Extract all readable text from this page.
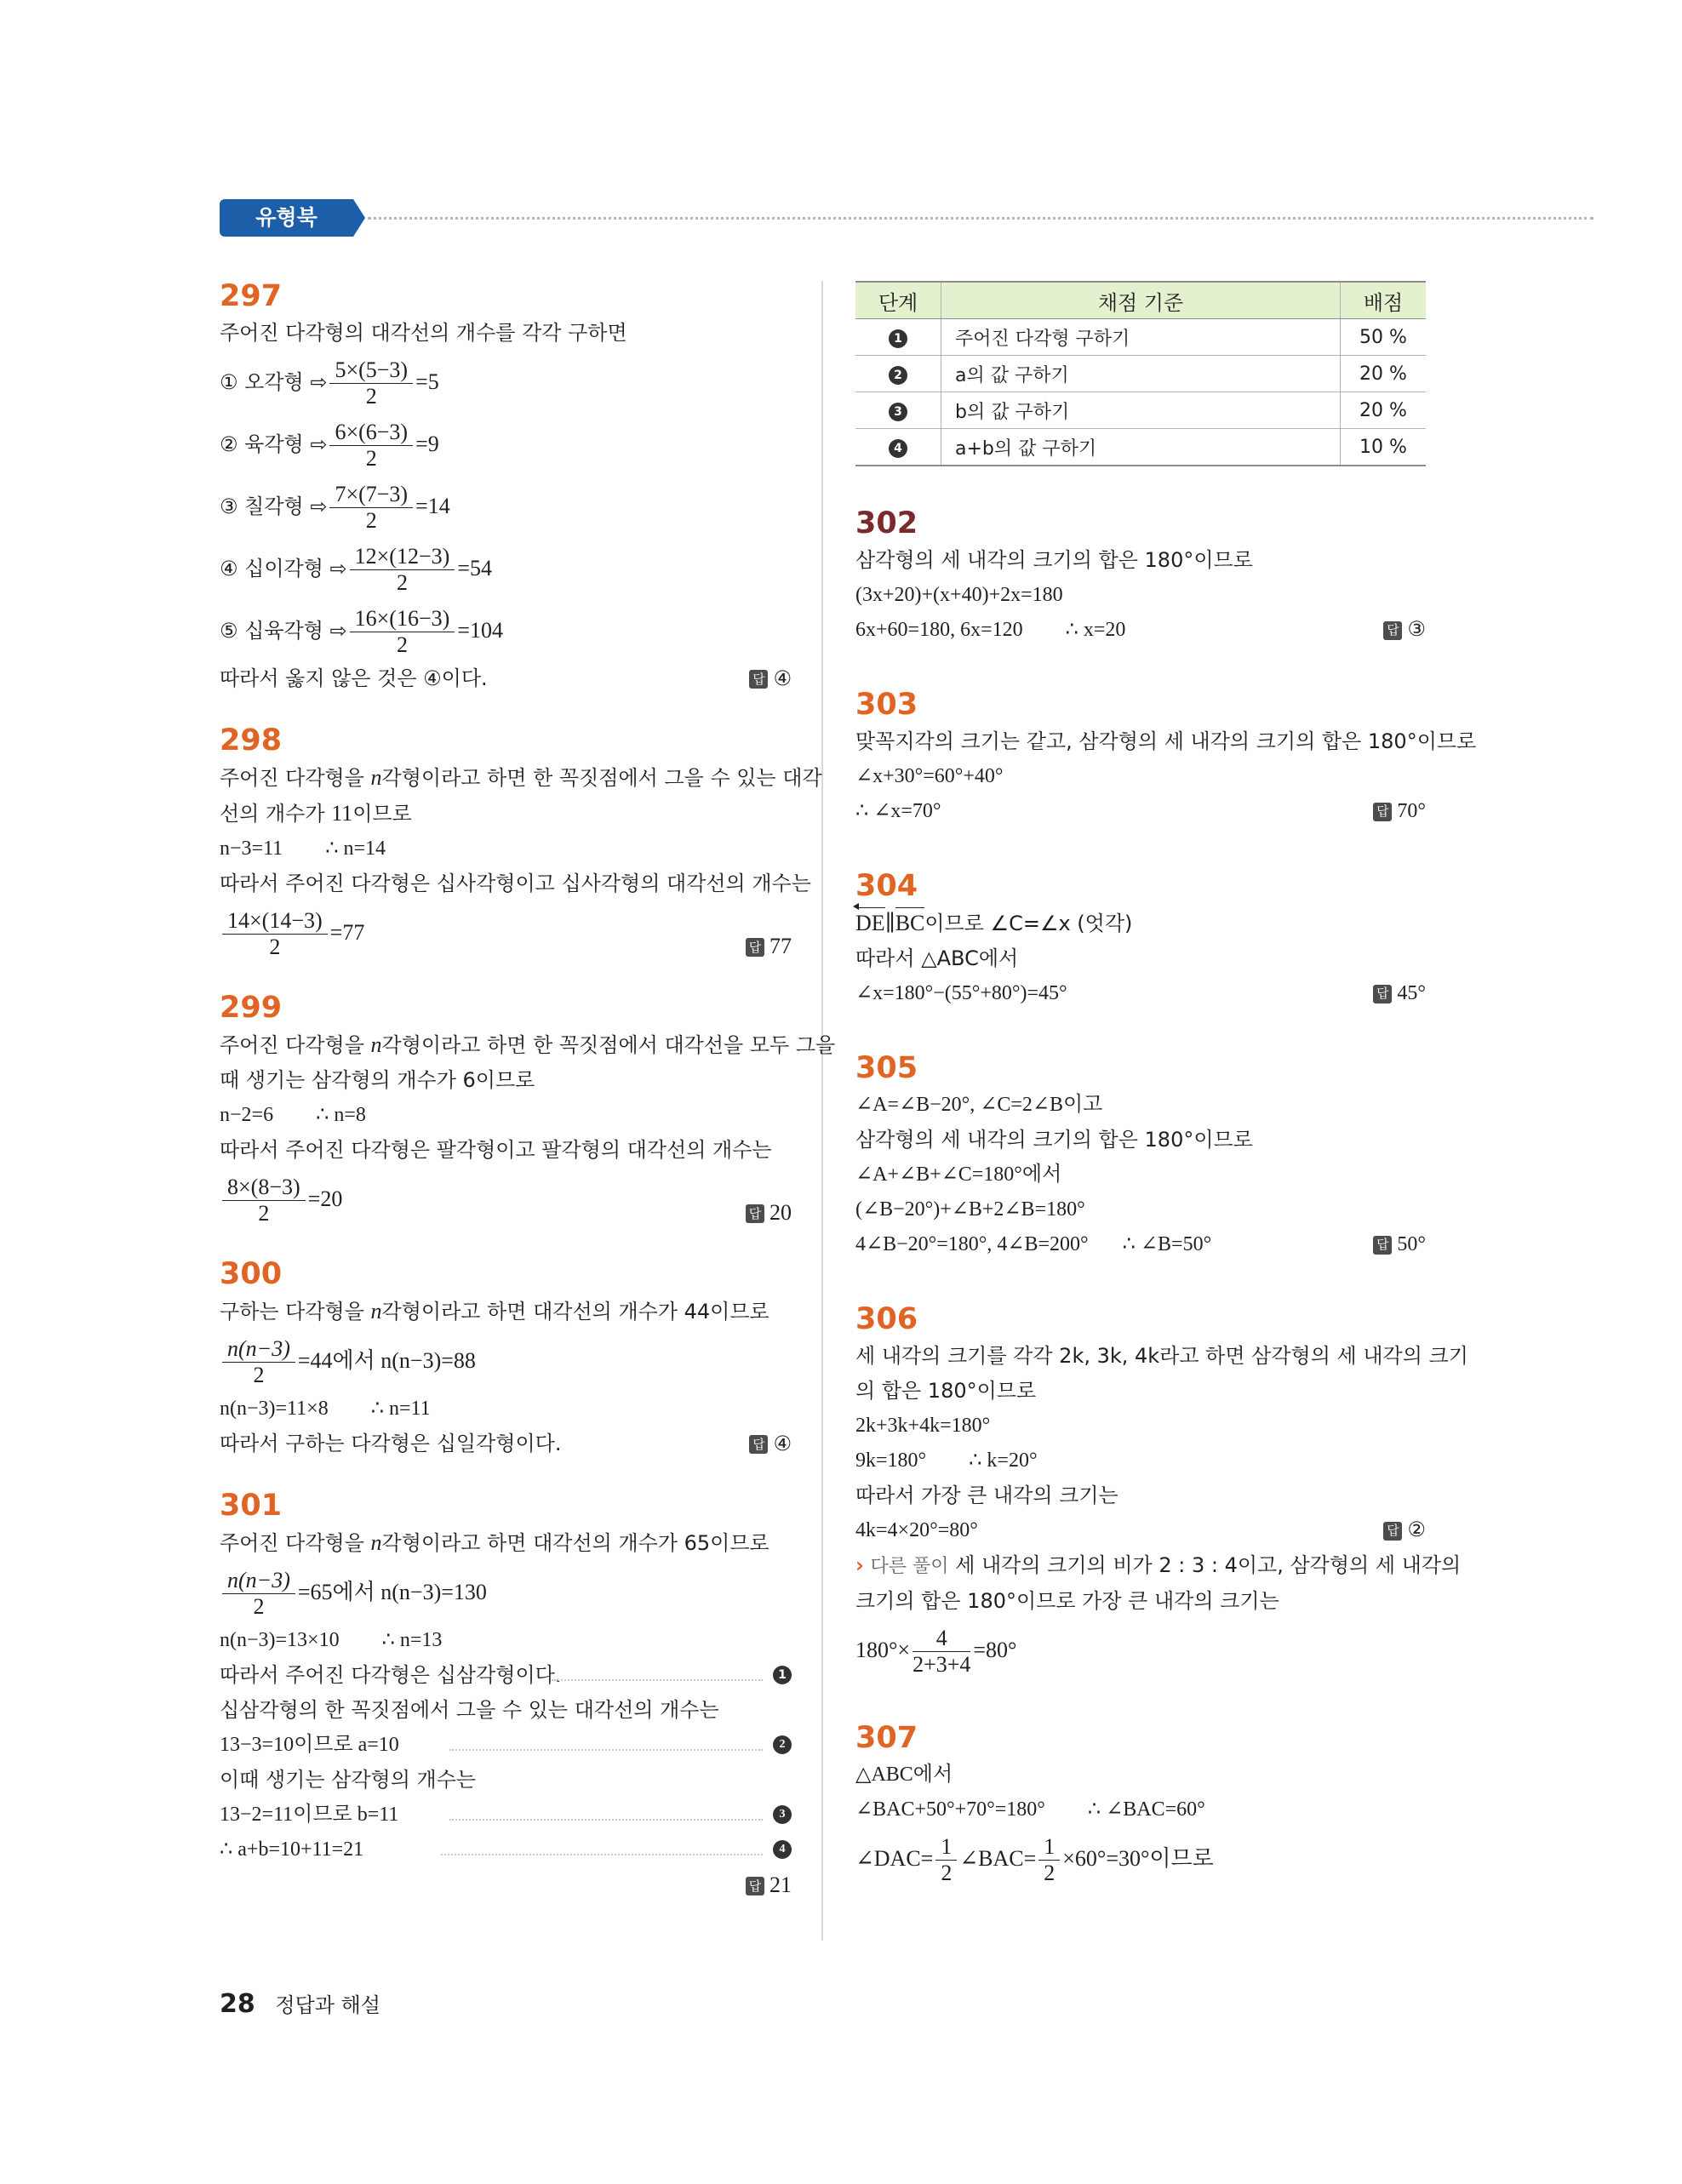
유형북
297
주어진 다각형의 대각선의 개수를 각각 구하면
① 오각형 ⇨ $\frac{5\times(5-3)}{2} =5$
② 육각형 ⇨ $\frac{6\times(6-3)}{2} =9$
③ 칠각형 ⇨ $\frac{7\times(7-3)}{2} =14$
④ 십이각형 ⇨ $\frac{12\times(12-3)}{2} =54$
⑤ 십육각형 ⇨ $\frac{16\times(16-3)}{2} =104$
따라서 옳지 않은 것은 ④이다.	답 ④
298
주어진 다각형을 n각형이라고 하면 한 꼭짓점에서 그을 수 있는 대각
선의 개수가 11이므로
n−3=11 ∴ n=14
따라서 주어진 다각형은 십사각형이고 십사각형의 대각선의 개수는
$\frac{14\times(14-3)}{2} =77$
답 77
299
주어진 다각형을 n각형이라고 하면 한 꼭짓점에서 대각선을 모두 그을
때 생기는 삼각형의 개수가 6이므로
n−2=6 ∴ n=8
따라서 주어진 다각형은 팔각형이고 팔각형의 대각선의 개수는
$\frac{8\times(8-3)}{2} =20$
답 20
300
구하는 다각형을 n각형이라고 하면 대각선의 개수가 44이므로
$\frac{n(n-3)}{2} =44$에서 n(n−3)=88
n(n−3)=11×8 ∴ n=11
따라서 구하는 다각형은 십일각형이다.	답 ④
301
주어진 다각형을 n각형이라고 하면 대각선의 개수가 65이므로
$\frac{n(n-3)}{2} =65$에서 n(n−3)=130
n(n−3)=13×10 ∴ n=13
따라서 주어진 다각형은 십삼각형이다.	1
십삼각형의 한 꼭짓점에서 그을 수 있는 대각선의 개수는
13−3=10이므로 a=10	2
이때 생기는 삼각형의 개수는
13−2=11이므로 b=11	3
∴ a+b=10+11=21	4
답 21
단계	채점 기준	배점
1	주어진 다각형 구하기	50 %
2	a의 값 구하기	20 %
3	b의 값 구하기	20 %
4	a+b의 값 구하기	10 %
302
삼각형의 세 내각의 크기의 합은 180°이므로
(3x+20)+(x+40)+2x=180
6x+60=180, 6x=120 ∴ x=20	답 ③
303
맞꼭지각의 크기는 같고, 삼각형의 세 내각의 크기의 합은 180°이므로
∠x+30°=60°+40°
∴ ∠x=70°	답 70°
304
DE∥BC이므로 ∠C=∠x (엇각)
따라서 △ABC에서
∠x=180°−(55°+80°)=45°	답 45°
305
∠A=∠B−20°, ∠C=2∠B이고
삼각형의 세 내각의 크기의 합은 180°이므로
∠A+∠B+∠C=180°에서
(∠B−20°)+∠B+2∠B=180°
4∠B−20°=180°, 4∠B=200° ∴ ∠B=50°	답 50°
306
세 내각의 크기를 각각 2k, 3k, 4k라고 하면 삼각형의 세 내각의 크기
의 합은 180°이므로
2k+3k+4k=180°
9k=180° ∴ k=20°
따라서 가장 큰 내각의 크기는
4k=4×20°=80°	답 ②
› 다른 풀이 세 내각의 크기의 비가 2 : 3 : 4이고, 삼각형의 세 내각의
크기의 합은 180°이므로 가장 큰 내각의 크기는
$180^\circ\times \frac{4}{2+3+4} =80^\circ$
307
△ABC에서
∠BAC+50°+70°=180° ∴ ∠BAC=60°
∠DAC= $\frac{1}{2}$ ∠BAC= $\frac{1}{2} \times 60^\circ=30^\circ$이므로
28 정답과 해설
